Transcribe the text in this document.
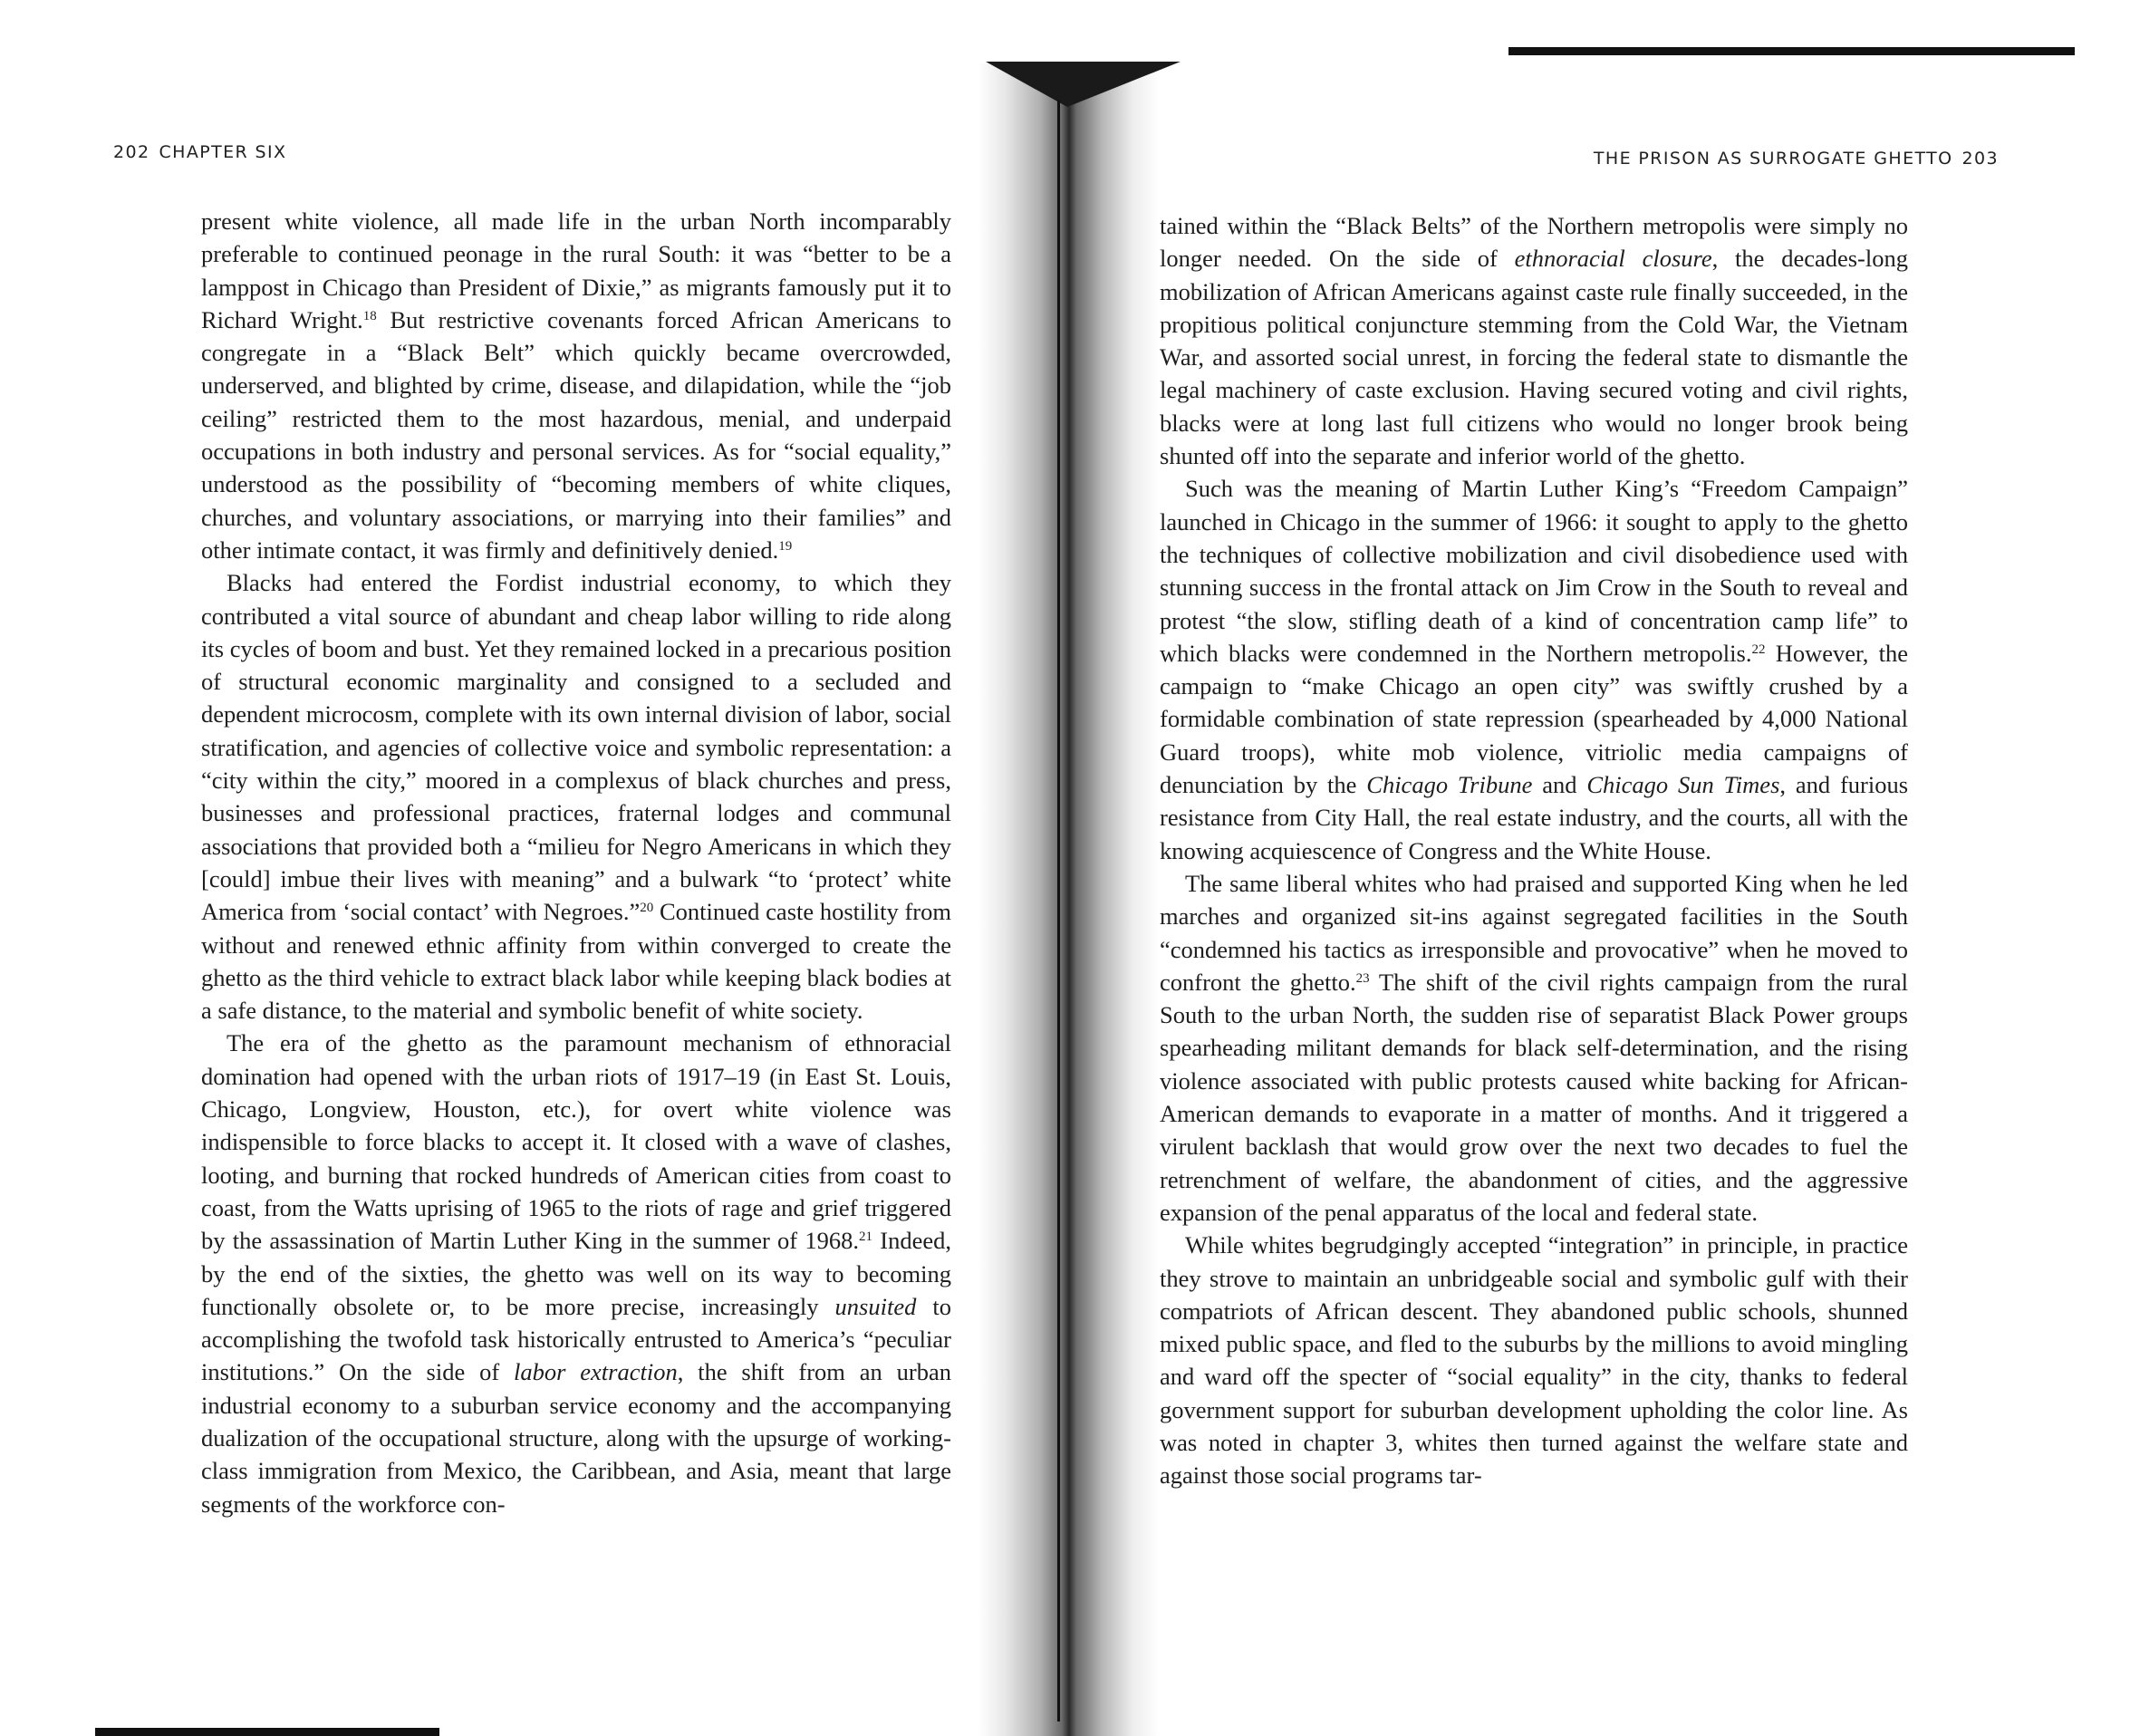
202 CHAPTER SIX

present white violence, all made life in the urban North incomparably preferable to continued peonage in the rural South: it was “better to be a lamppost in Chicago than President of Dixie,” as migrants famously put it to Richard Wright.$^{18}$ But restrictive covenants forced African Americans to congregate in a “Black Belt” which quickly became overcrowded, underserved, and blighted by crime, disease, and dilapidation, while the “job ceiling” restricted them to the most hazardous, menial, and underpaid occupations in both industry and personal services. As for “social equality,” understood as the possibility of “becoming members of white cliques, churches, and voluntary associations, or marrying into their families” and other intimate contact, it was firmly and definitively denied.$^{19}$

Blacks had entered the Fordist industrial economy, to which they contributed a vital source of abundant and cheap labor willing to ride along its cycles of boom and bust. Yet they remained locked in a precarious position of structural economic marginality and consigned to a secluded and dependent microcosm, complete with its own internal division of labor, social stratification, and agencies of collective voice and symbolic representation: a “city within the city,” moored in a complexus of black churches and press, businesses and professional practices, fraternal lodges and communal associations that provided both a “milieu for Negro Americans in which they [could] imbue their lives with meaning” and a bulwark “to ‘protect’ white America from ‘social contact’ with Negroes.”$^{20}$ Continued caste hostility from without and renewed ethnic affinity from within converged to create the ghetto as the third vehicle to extract black labor while keeping black bodies at a safe distance, to the material and symbolic benefit of white society.

The era of the ghetto as the paramount mechanism of ethnoracial domination had opened with the urban riots of 1917–19 (in East St. Louis, Chicago, Longview, Houston, etc.), for overt white violence was indispensible to force blacks to accept it. It closed with a wave of clashes, looting, and burning that rocked hundreds of American cities from coast to coast, from the Watts uprising of 1965 to the riots of rage and grief triggered by the assassination of Martin Luther King in the summer of 1968.21 Indeed, by the end of the sixties, the ghetto was well on its way to becoming functionally obsolete or, to be more precise, increasingly unsuited to accomplishing the twofold task historically entrusted to America’s “peculiar institutions.” On the side of labor extraction, the shift from an urban industrial economy to a suburban service economy and the accompanying dualization of the occupational structure, along with the upsurge of working-class immigration from Mexico, the Caribbean, and Asia, meant that large segments of the workforce con-

THE PRISON AS SURROGATE GHETTO 203

tained within the “Black Belts” of the Northern metropolis were simply no longer needed. On the side of ethnoracial closure, the decades-long mobilization of African Americans against caste rule finally succeeded, in the propitious political conjuncture stemming from the Cold War, the Vietnam War, and assorted social unrest, in forcing the federal state to dismantle the legal machinery of caste exclusion. Having secured voting and civil rights, blacks were at long last full citizens who would no longer brook being shunted off into the separate and inferior world of the ghetto.

Such was the meaning of Martin Luther King’s “Freedom Campaign” launched in Chicago in the summer of 1966: it sought to apply to the ghetto the techniques of collective mobilization and civil disobedience used with stunning success in the frontal attack on Jim Crow in the South to reveal and protest “the slow, stifling death of a kind of concentration camp life” to which blacks were condemned in the Northern metropolis.$^{22}$ However, the campaign to “make Chicago an open city” was swiftly crushed by a formidable combination of state repression (spearheaded by 4,000 National Guard troops), white mob violence, vitriolic media campaigns of denunciation by the Chicago Tribune and Chicago Sun Times, and furious resistance from City Hall, the real estate industry, and the courts, all with the knowing acquiescence of Congress and the White House.

The same liberal whites who had praised and supported King when he led marches and organized sit-ins against segregated facilities in the South “condemned his tactics as irresponsible and provocative” when he moved to confront the ghetto.$^{23}$ The shift of the civil rights campaign from the rural South to the urban North, the sudden rise of separatist Black Power groups spearheading militant demands for black self-determination, and the rising violence associated with public protests caused white backing for African-American demands to evaporate in a matter of months. And it triggered a virulent backlash that would grow over the next two decades to fuel the retrenchment of welfare, the abandonment of cities, and the aggressive expansion of the penal apparatus of the local and federal state.

While whites begrudgingly accepted “integration” in principle, in practice they strove to maintain an unbridgeable social and symbolic gulf with their compatriots of African descent. They abandoned public schools, shunned mixed public space, and fled to the suburbs by the millions to avoid mingling and ward off the specter of “social equality” in the city, thanks to federal government support for suburban development upholding the color line. As was noted in chapter 3, whites then turned against the welfare state and against those social programs tar-
